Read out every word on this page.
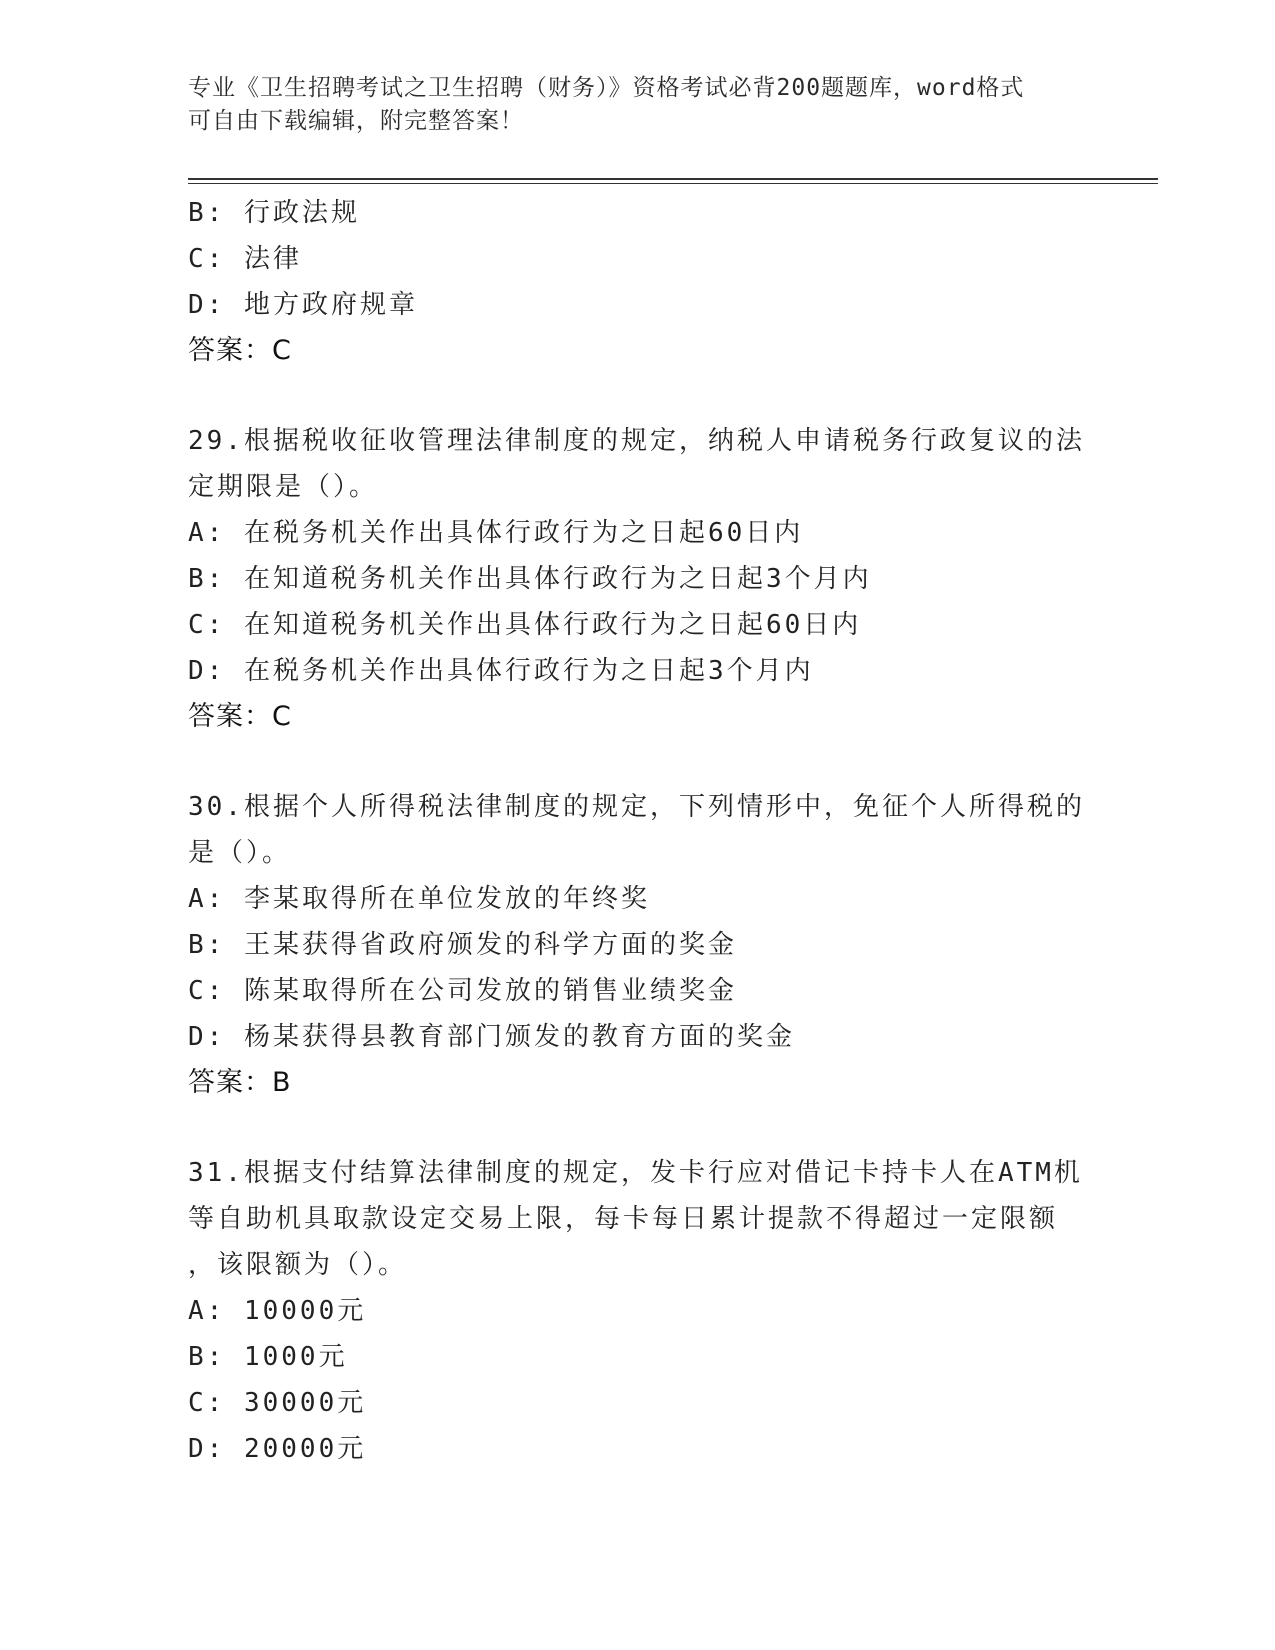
专业《卫生招聘考试之卫生招聘（财务）》资格考试必背200题题库，word格式
可自由下载编辑，附完整答案！
B: 行政法规
C: 法律
D: 地方政府规章
答案：C
29.根据税收征收管理法律制度的规定，纳税人申请税务行政复议的法
定期限是（）。
A: 在税务机关作出具体行政行为之日起60日内
B: 在知道税务机关作出具体行政行为之日起3个月内
C: 在知道税务机关作出具体行政行为之日起60日内
D: 在税务机关作出具体行政行为之日起3个月内
答案：C
30.根据个人所得税法律制度的规定，下列情形中，免征个人所得税的
是（）。
A: 李某取得所在单位发放的年终奖
B: 王某获得省政府颁发的科学方面的奖金
C: 陈某取得所在公司发放的销售业绩奖金
D: 杨某获得县教育部门颁发的教育方面的奖金
答案：B
31.根据支付结算法律制度的规定，发卡行应对借记卡持卡人在ATM机
等自助机具取款设定交易上限，每卡每日累计提款不得超过一定限额
，该限额为（）。
A: 10000元
B: 1000元
C: 30000元
D: 20000元
